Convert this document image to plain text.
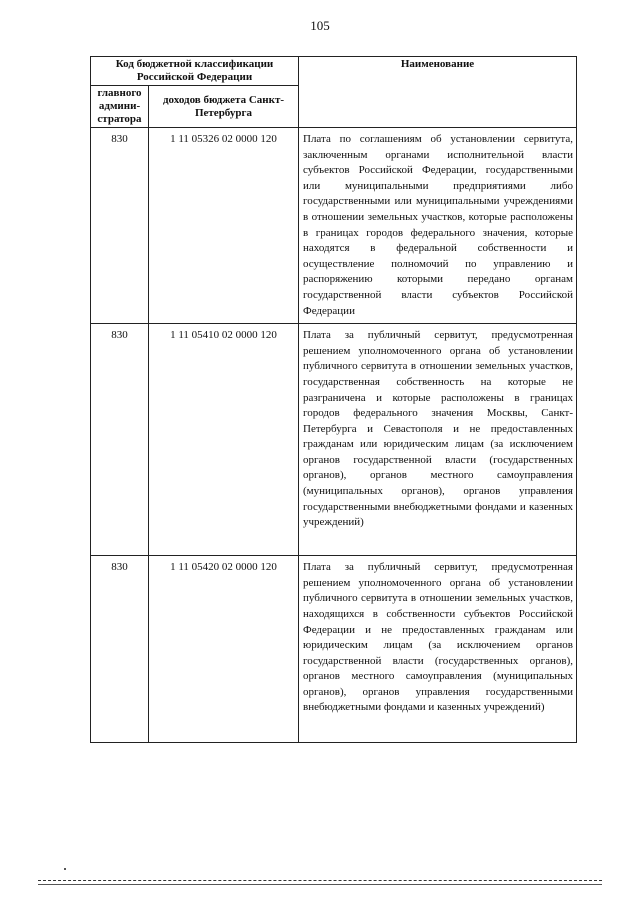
105
Код бюджетной классификации Российской Федерации		Наименование
главного админи-стратора	доходов бюджета Санкт-Петербурга	
830	1 11 05326 02 0000 120	Плата по соглашениям об установлении сервитута, заключенным органами исполнительной власти субъектов Российской Федерации, государственными или муниципальными предприятиями либо государственными или муниципальными учреждениями в отношении земельных участков, которые расположены в границах городов федерального значения, которые находятся в федеральной собственности и осуществление полномочий по управлению и распоряжению которыми передано органам государственной власти субъектов Российской Федерации
830	1 11 05410 02 0000 120	Плата за публичный сервитут, предусмотренная решением уполномоченного органа об установлении публичного сервитута в отношении земельных участков, государственная собственность на которые не разграничена и которые расположены в границах городов федерального значения Москвы, Санкт-Петербурга и Севастополя и не предоставленных гражданам или юридическим лицам (за исключением органов государственной власти (государственных органов), органов местного самоуправления (муниципальных органов), органов управления государственными внебюджетными фондами и казенных учреждений)
830	1 11 05420 02 0000 120	Плата за публичный сервитут, предусмотренная решением уполномоченного органа об установлении публичного сервитута в отношении земельных участков, находящихся в собственности субъектов Российской Федерации и не предоставленных гражданам или юридическим лицам (за исключением органов государственной власти (государственных органов), органов местного самоуправления (муниципальных органов), органов управления государственными внебюджетными фондами и казенных учреждений)
